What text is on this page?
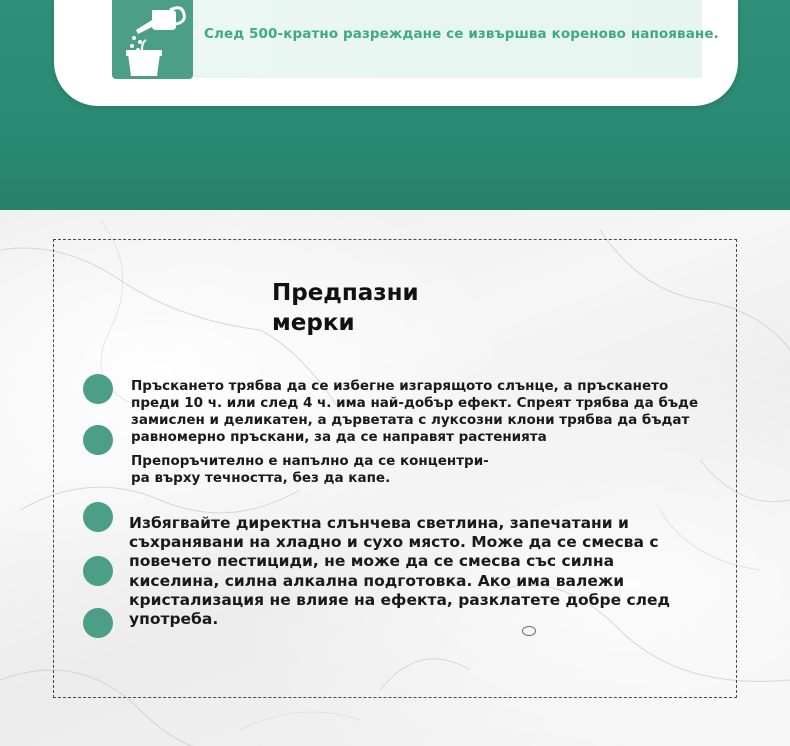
След 500-кратно разреждане се извършва кореново напояване.
Предпазни
мерки
Пръскането трябва да се избегне изгарящото слънце, а пръскането
преди 10 ч. или след 4 ч. има най-добър ефект. Спреят трябва да бъде
замислен и деликатен, а дърветата с луксозни клони трябва да бъдат
равномерно пръскани, за да се направят растенията
Препоръчително е напълно да се концентри-
ра върху течността, без да капе.
Избягвайте директна слънчева светлина, запечатани и
съхранявани на хладно и сухо място. Може да се смесва с
повечето пестициди, не може да се смесва със силна
киселина, силна алкална подготовка. Ако има валежи
кристализация не влияе на ефекта, разклатете добре след
употреба.
